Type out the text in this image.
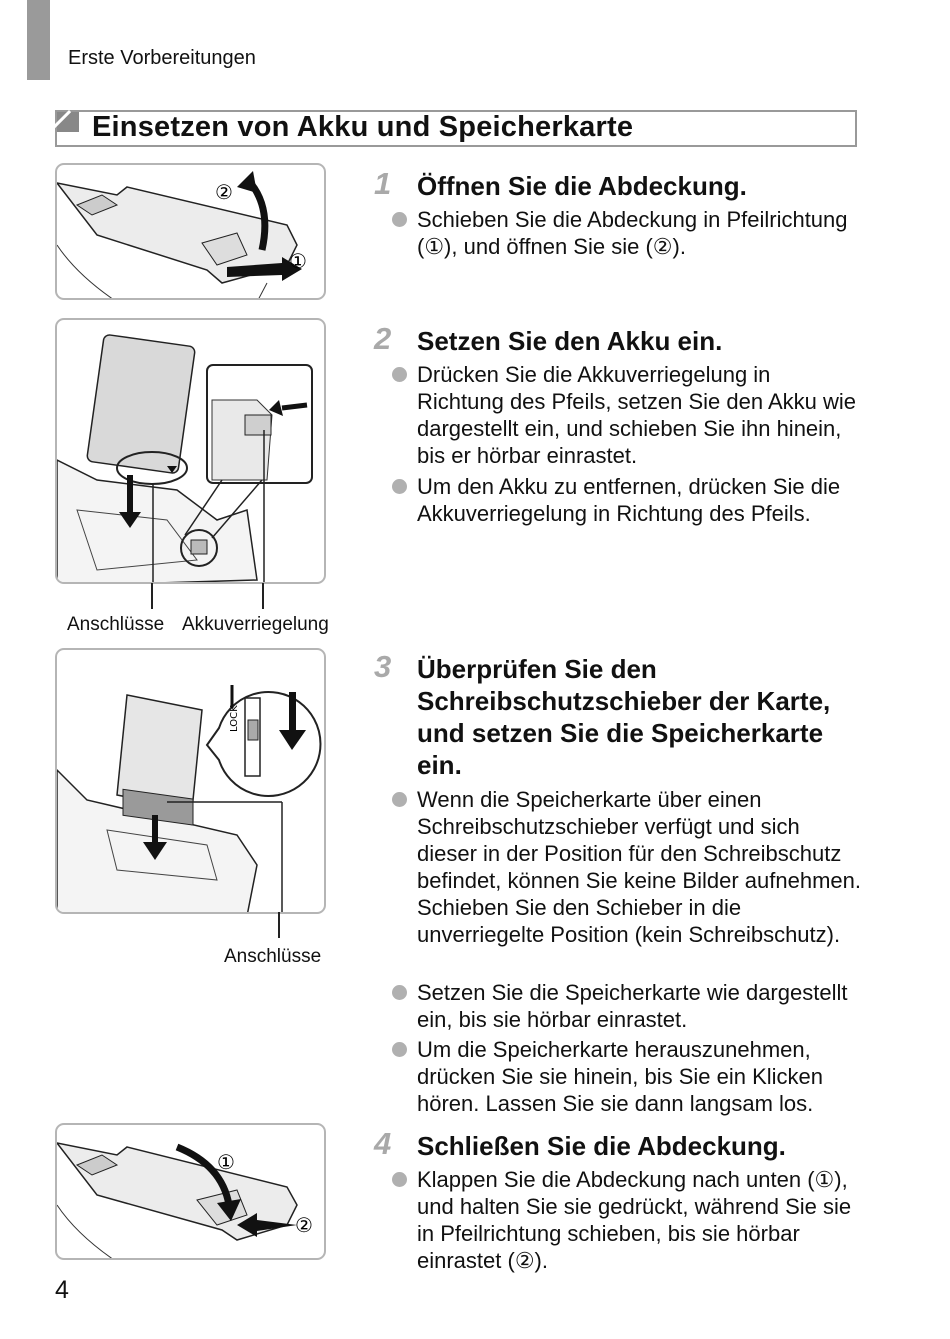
Erste Vorbereitungen
Einsetzen von Akku und Speicherkarte
②
①
Anschlüsse Akkuverriegelung
LOCK
Anschlüsse
①
②
1 Öffnen Sie die Abdeckung.
Schieben Sie die Abdeckung in Pfeilrichtung (①), und öffnen Sie sie (②).
2 Setzen Sie den Akku ein.
Drücken Sie die Akkuverriegelung in Richtung des Pfeils, setzen Sie den Akku wie dargestellt ein, und schieben Sie ihn hinein, bis er hörbar einrastet.
Um den Akku zu entfernen, drücken Sie die Akkuverriegelung in Richtung des Pfeils.
3 Überprüfen Sie den Schreibschutzschieber der Karte, und setzen Sie die Speicherkarte ein.
Wenn die Speicherkarte über einen Schreibschutzschieber verfügt und sich dieser in der Position für den Schreibschutz befindet, können Sie keine Bilder aufnehmen. Schieben Sie den Schieber in die unverriegelte Position (kein Schreibschutz).
Setzen Sie die Speicherkarte wie dargestellt ein, bis sie hörbar einrastet.
Um die Speicherkarte herauszunehmen, drücken Sie sie hinein, bis Sie ein Klicken hören. Lassen Sie sie dann langsam los.
4 Schließen Sie die Abdeckung.
Klappen Sie die Abdeckung nach unten (①), und halten Sie sie gedrückt, während Sie sie in Pfeilrichtung schieben, bis sie hörbar einrastet (②).
4
